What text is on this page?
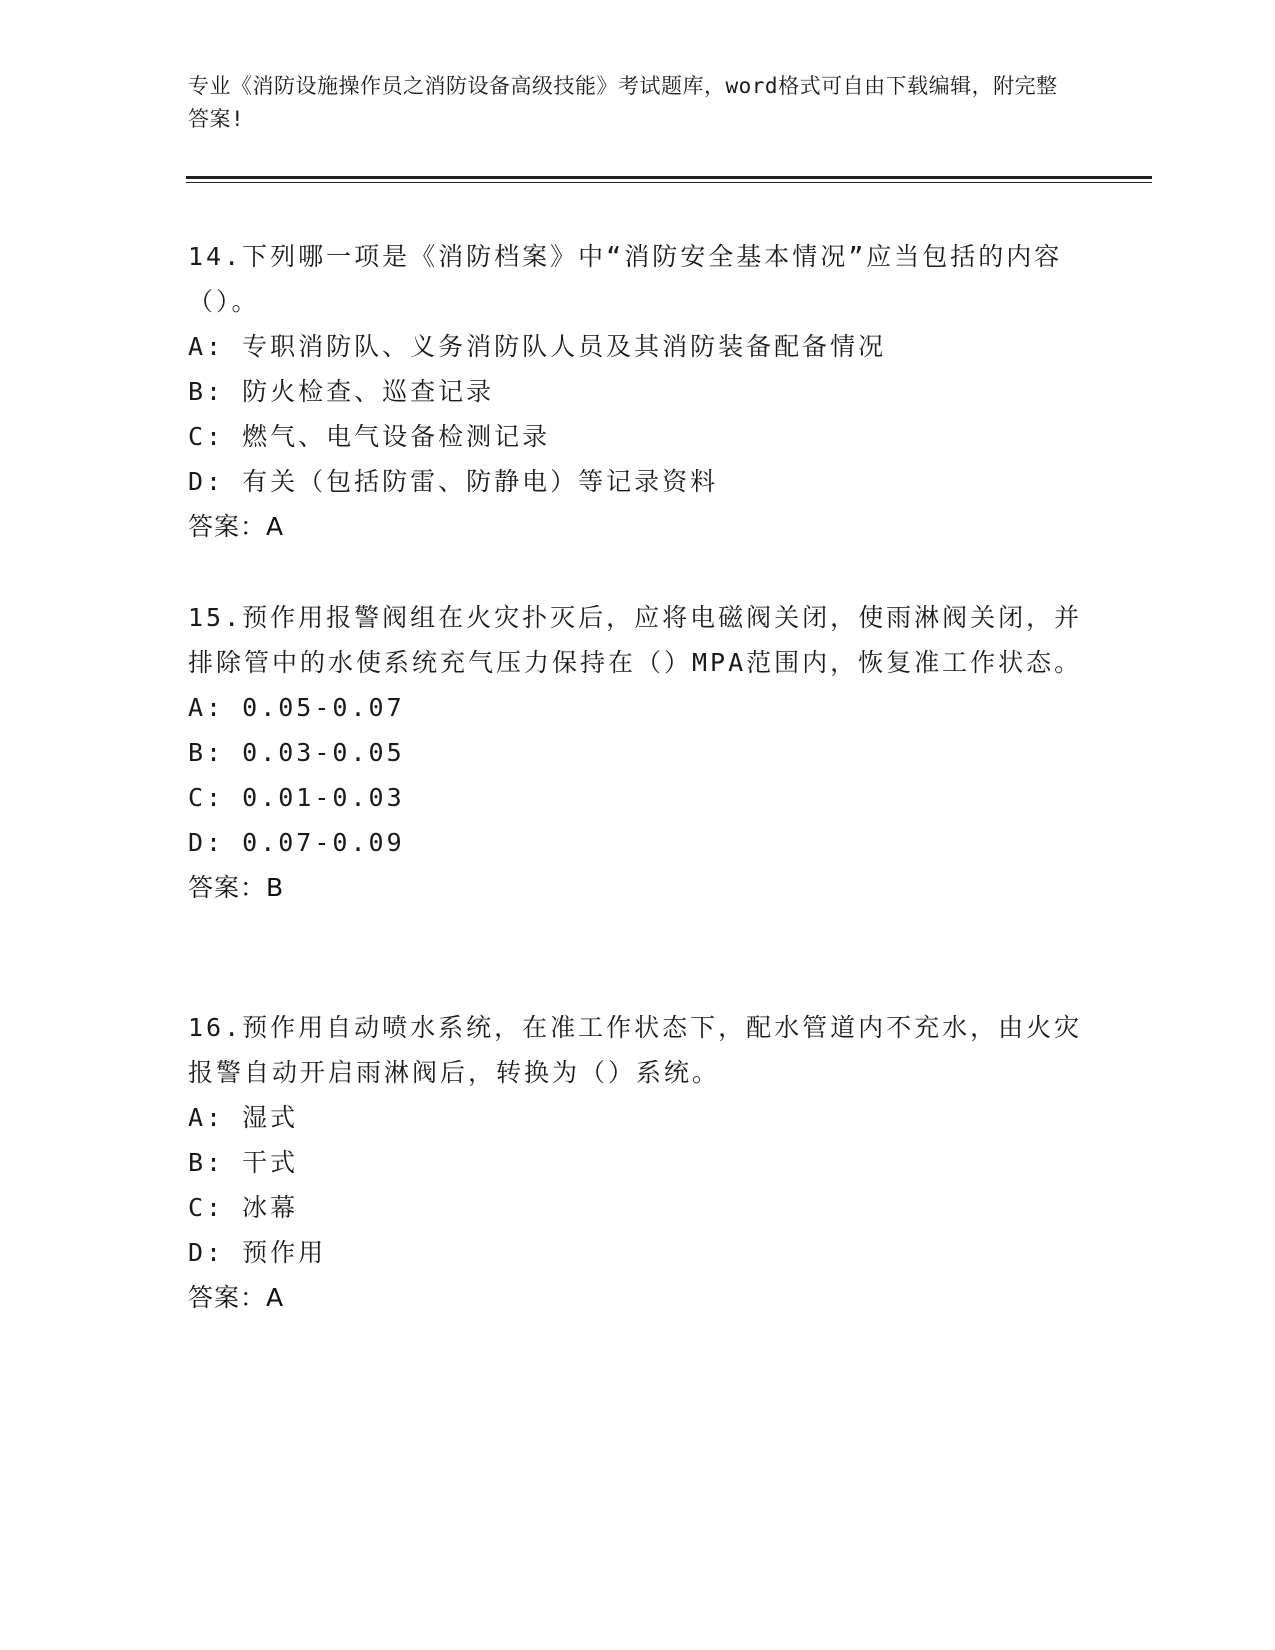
专业《消防设施操作员之消防设备高级技能》考试题库，word格式可自由下载编辑，附完整答案!
14.下列哪一项是《消防档案》中“消防安全基本情况”应当包括的内容（）。
A: 专职消防队、义务消防队人员及其消防装备配备情况
B: 防火检查、巡查记录
C: 燃气、电气设备检测记录
D: 有关（包括防雷、防静电）等记录资料
答案：A
15.预作用报警阀组在火灾扑灭后，应将电磁阀关闭，使雨淋阀关闭，并排除管中的水使系统充气压力保持在（）MPA范围内，恢复准工作状态。
A: 0.05-0.07
B: 0.03-0.05
C: 0.01-0.03
D: 0.07-0.09
答案：B
16.预作用自动喷水系统，在准工作状态下，配水管道内不充水，由火灾报警自动开启雨淋阀后，转换为（）系统。
A: 湿式
B: 干式
C: 冰幕
D: 预作用
答案：A
